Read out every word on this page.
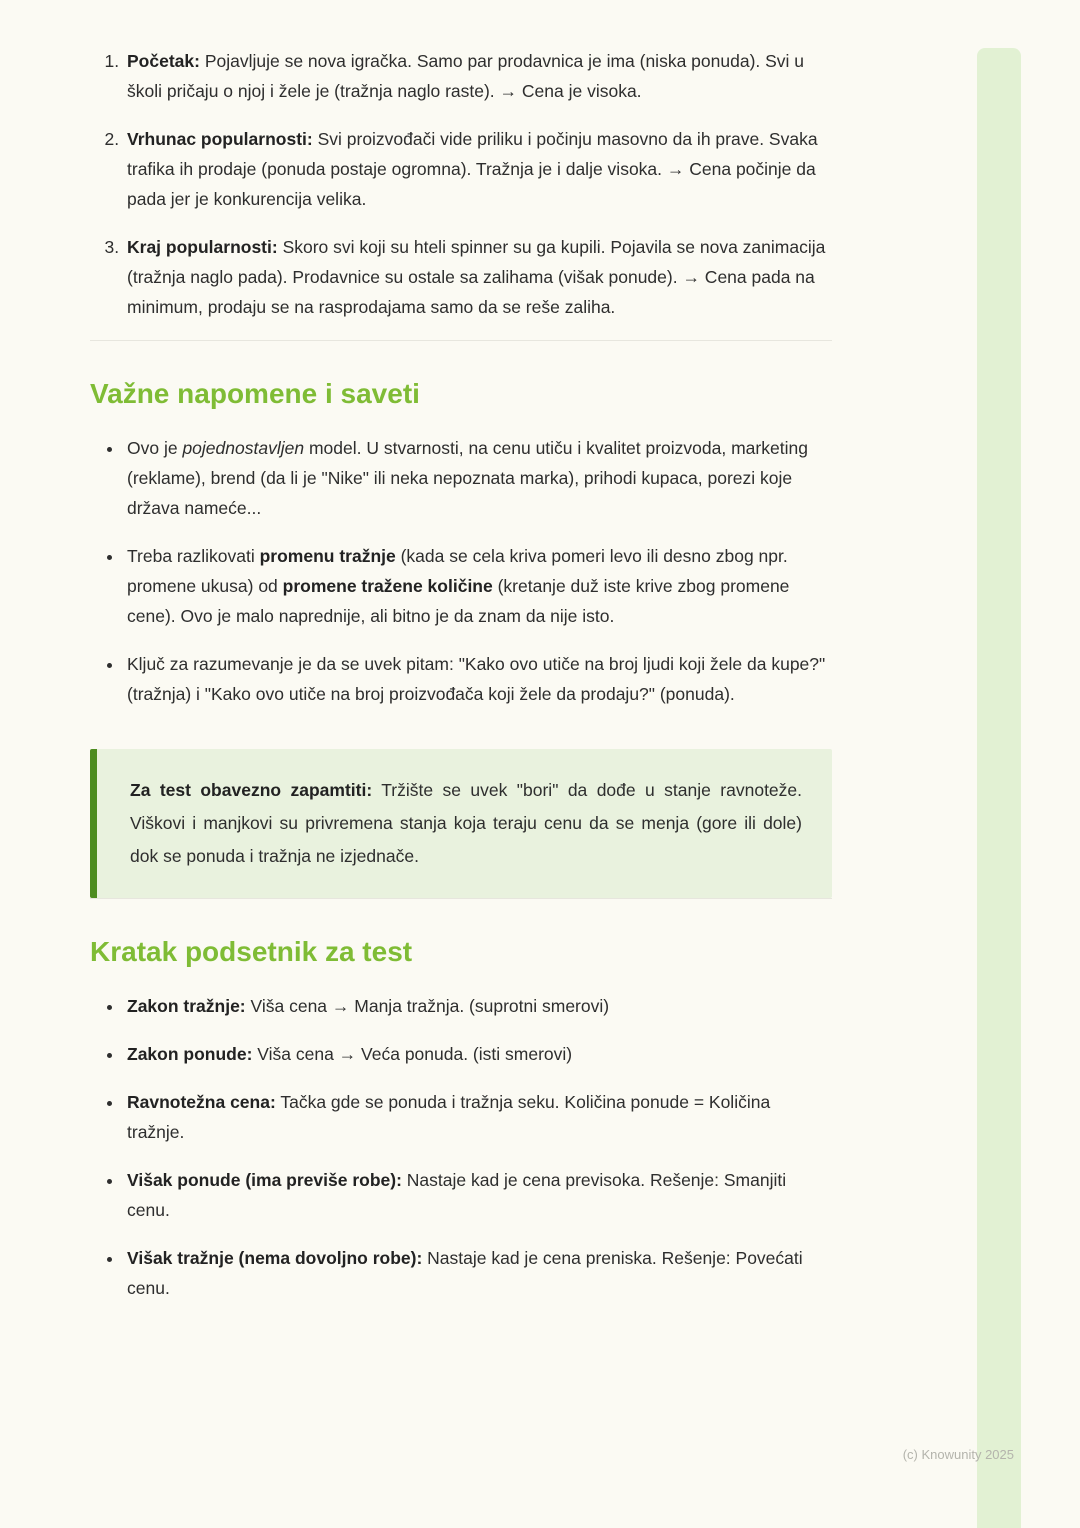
1. Početak: Pojavljuje se nova igračka. Samo par prodavnica je ima (niska ponuda). Svi u školi pričaju o njoj i žele je (tražnja naglo raste). → Cena je visoka.
2. Vrhunac popularnosti: Svi proizvođači vide priliku i počinju masovno da ih prave. Svaka trafika ih prodaje (ponuda postaje ogromna). Tražnja je i dalje visoka. → Cena počinje da pada jer je konkurencija velika.
3. Kraj popularnosti: Skoro svi koji su hteli spinner su ga kupili. Pojavila se nova zanimacija (tražnja naglo pada). Prodavnice su ostale sa zalihama (višak ponude). → Cena pada na minimum, prodaju se na rasprodajama samo da se reše zaliha.
Važne napomene i saveti
• Ovo je pojednostavljen model. U stvarnosti, na cenu utiču i kvalitet proizvoda, marketing (reklame), brend (da li je "Nike" ili neka nepoznata marka), prihodi kupaca, porezi koje država nameće...
• Treba razlikovati promenu tražnje (kada se cela kriva pomeri levo ili desno zbog npr. promene ukusa) od promene tražene količine (kretanje duž iste krive zbog promene cene). Ovo je malo naprednije, ali bitno je da znam da nije isto.
• Ključ za razumevanje je da se uvek pitam: "Kako ovo utiče na broj ljudi koji žele da kupe?" (tražnja) i "Kako ovo utiče na broj proizvođača koji žele da prodaju?" (ponuda).

Za test obavezno zapamtiti: Tržište se uvek "bori" da dođe u stanje ravnoteže. Viškovi i manjkovi su privremena stanja koja teraju cenu da se menja (gore ili dole) dok se ponuda i tražnja ne izjednače.

Kratak podsetnik za test
• Zakon tražnje: Viša cena → Manja tražnja. (suprotni smerovi)
• Zakon ponude: Viša cena → Veća ponuda. (isti smerovi)
• Ravnotežna cena: Tačka gde se ponuda i tražnja seku. Količina ponude = Količina tražnje.
• Višak ponude (ima previše robe): Nastaje kad je cena previsoka. Rešenje: Smanjiti cenu.
• Višak tražnje (nema dovoljno robe): Nastaje kad je cena preniska. Rešenje: Povećati cenu.
(c) Knowunity 2025
